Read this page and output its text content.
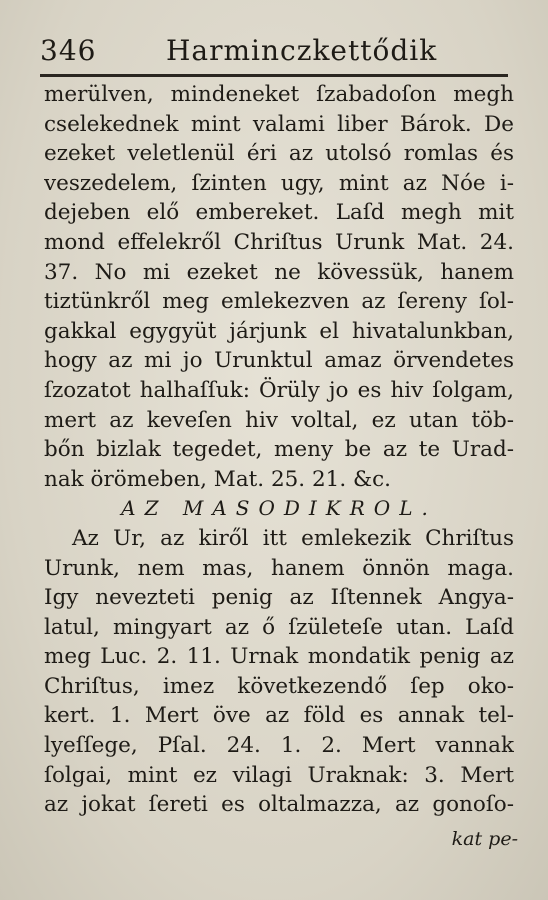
346 Harminczkettődik
merülven, mindeneket ſzabadoſon megh
cselekednek mint valami liber Bárok. De
ezeket veletlenül éri az utolsó romlas és
veszedelem, ſzinten ugy, mint az Nóe i-
dejeben elő embereket. Laſd megh mit
mond effelekről Chriſtus Urunk Mat. 24.
37. No mi ezeket ne kövessük, hanem
tiztünkről meg emlekezven az ſereny ſol-
gakkal egygyüt járjunk el hivatalunkban,
hogy az mi jo Urunktul amaz örvendetes
ſzozatot halhaſſuk: Örüly jo es hiv ſolgam,
mert az keveſen hiv voltal, ez utan töb-
bőn bizlak tegedet, meny be az te Urad-
nak örömeben, Mat. 25. 21. &c.
AZ MASODIKROL.
Az Ur, az kiről itt emlekezik Chriſtus
Urunk, nem mas, hanem önnön maga.
Igy nevezteti penig az Iſtennek Angya-
latul, mingyart az ő ſzületeſe utan. Laſd
meg Luc. 2. 11. Urnak mondatik penig az
Chriſtus, imez következendő ſep oko-
kert. 1. Mert öve az föld es annak tel-
lyeſſege, Pſal. 24. 1. 2. Mert vannak
ſolgai, mint ez vilagi Uraknak: 3. Mert
az jokat ſereti es oltalmazza, az gonoſo-
kat pe-
